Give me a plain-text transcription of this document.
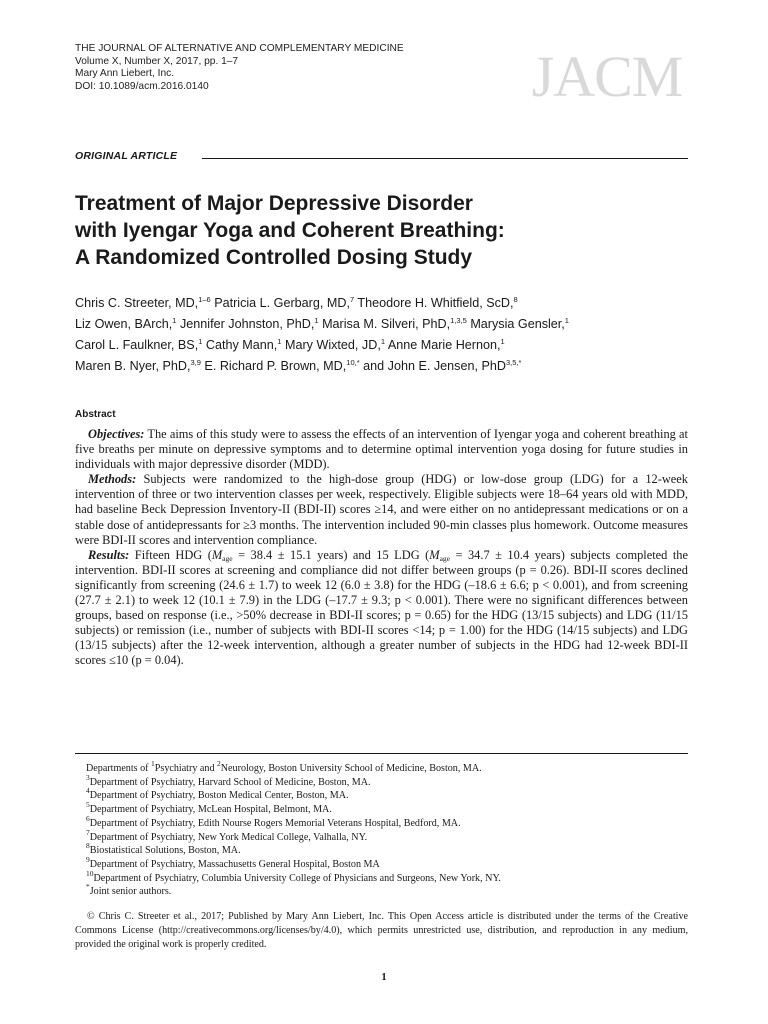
THE JOURNAL OF ALTERNATIVE AND COMPLEMENTARY MEDICINE
Volume X, Number X, 2017, pp. 1–7
Mary Ann Liebert, Inc.
DOI: 10.1089/acm.2016.0140	JACM
ORIGINAL ARTICLE
Treatment of Major Depressive Disorder
with Iyengar Yoga and Coherent Breathing:
A Randomized Controlled Dosing Study
Chris C. Streeter, MD,$^{1-6}$ Patricia L. Gerbarg, MD,$^7$ Theodore H. Whitfield, ScD,$^8$
Liz Owen, BArch,$^1$ Jennifer Johnston, PhD,$^1$ Marisa M. Silveri, PhD,$^{1,3,5}$ Marysia Gensler,$^1$
Carol L. Faulkner, BS,$^1$ Cathy Mann,$^1$ Mary Wixted, JD,$^1$ Anne Marie Hernon,$^1$
Maren B. Nyer, PhD,$^{3,9}$ E. Richard P. Brown, MD,$^{10,*}$ and John E. Jensen, PhD$^{3,5,*}$
Abstract

Objectives: The aims of this study were to assess the effects of an intervention of Iyengar yoga and coherent breathing at five breaths per minute on depressive symptoms and to determine optimal intervention yoga dosing for future studies in individuals with major depressive disorder (MDD).

Methods: Subjects were randomized to the high-dose group (HDG) or low-dose group (LDG) for a 12-week intervention of three or two intervention classes per week, respectively. Eligible subjects were 18–64 years old with MDD, had baseline Beck Depression Inventory-II (BDI-II) scores ≥14, and were either on no antidepressant medications or on a stable dose of antidepressants for ≥3 months. The intervention included 90-min classes plus homework. Outcome measures were BDI-II scores and intervention compliance.

Results: Fifteen HDG ($M_{age} = 38.4 \pm 15.1$ years) and 15 LDG ($M_{age} = 34.7 \pm 10.4$ years) subjects completed the intervention. BDI-II scores at screening and compliance did not differ between groups (p = 0.26). BDI-II scores declined significantly from screening (24.6 ± 1.7) to week 12 (6.0 ± 3.8) for the HDG (–18.6 ± 6.6; p < 0.001), and from screening (27.7 ± 2.1) to week 12 (10.1 ± 7.9) in the LDG (–17.7 ± 9.3; p < 0.001). There were no significant differences between groups, based on response (i.e., >50% decrease in BDI-II scores; p = 0.65) for the HDG (13/15 subjects) and LDG (11/15 subjects) or remission (i.e., number of subjects with BDI-II scores <14; p = 1.00) for the HDG (14/15 subjects) and LDG (13/15 subjects) after the 12-week intervention, although a greater number of subjects in the HDG had 12-week BDI-II scores ≤10 (p = 0.04).

Departments of $^1$Psychiatry and $^2$Neurology, Boston University School of Medicine, Boston, MA.
$^3$Department of Psychiatry, Harvard School of Medicine, Boston, MA.
$^4$Department of Psychiatry, Boston Medical Center, Boston, MA.
$^5$Department of Psychiatry, McLean Hospital, Belmont, MA.
$^6$Department of Psychiatry, Edith Nourse Rogers Memorial Veterans Hospital, Bedford, MA.
$^7$Department of Psychiatry, New York Medical College, Valhalla, NY.
$^8$Biostatistical Solutions, Boston, MA.
$^9$Department of Psychiatry, Massachusetts General Hospital, Boston MA
$^{10}$Department of Psychiatry, Columbia University College of Physicians and Surgeons, New York, NY.
*Joint senior authors.

© Chris C. Streeter et al., 2017; Published by Mary Ann Liebert, Inc. This Open Access article is distributed under the terms of the Creative Commons License (http://creativecommons.org/licenses/by/4.0), which permits unrestricted use, distribution, and reproduction in any medium, provided the original work is properly credited.

1
